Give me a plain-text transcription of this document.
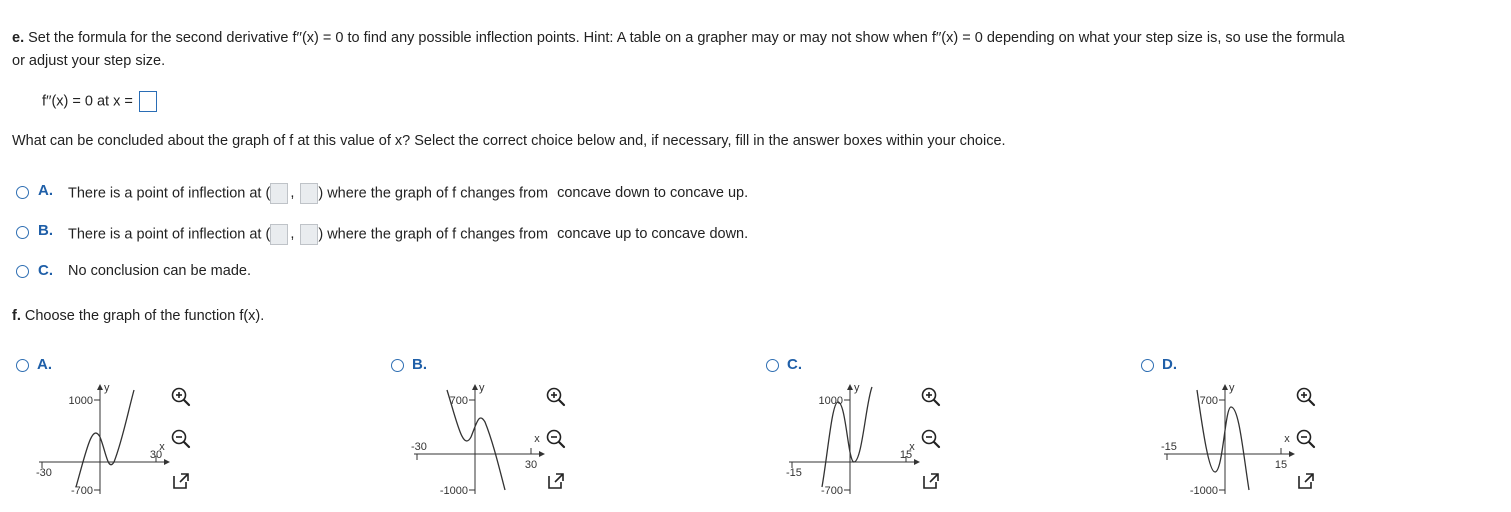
e. Set the formula for the second derivative f′′(x) = 0 to find any possible inflection points. Hint: A table on a grapher may or may not show when f′′(x) = 0 depending on what your step size is, so use the formula
or adjust your step size.
f′′(x) = 0 at x =
What can be concluded about the graph of f at this value of x? Select the correct choice below and, if necessary, fill in the answer boxes within your choice.
A. There is a point of inflection at ( , ) where the graph of f changes from concave down to concave up.
B. There is a point of inflection at ( , ) where the graph of f changes from concave up to concave down.
C. No conclusion can be made.
f. Choose the graph of the function f(x).
A.
y
1000
-700
-30
30
x
B.
y
700
-1000
-30
30
x
C.
y
1000
-700
-15
15
x
D.
y
700
-1000
-15
15
x
